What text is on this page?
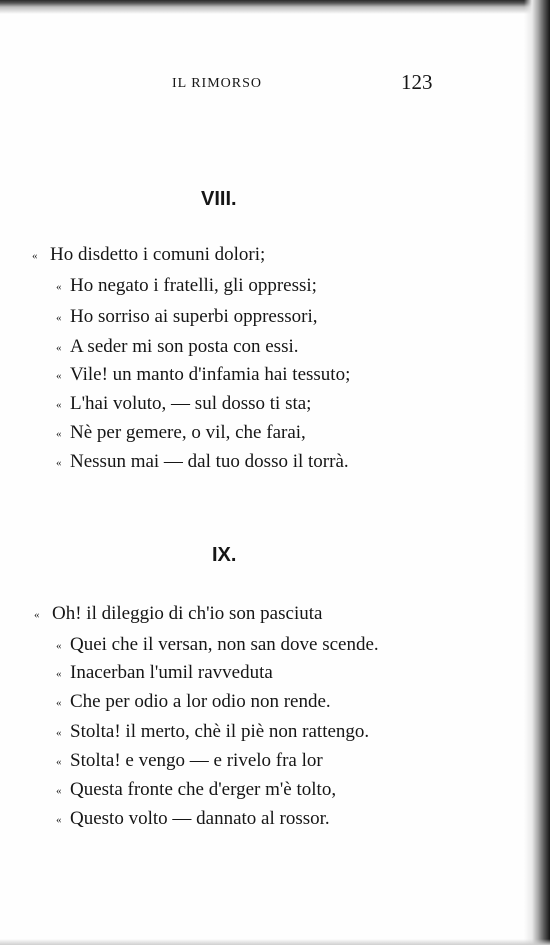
IL RIMORSO	123
VIII.
« Ho disdetto i comuni dolori;
« Ho negato i fratelli, gli oppressi;
« Ho sorriso ai superbi oppressori,
« A seder mi son posta con essi.
« Vile! un manto d'infamia hai tessuto;
« L'hai voluto, — sul dosso ti sta;
« Nè per gemere, o vil, che farai,
« Nessun mai — dal tuo dosso il torrà.
IX.
« Oh! il dileggio di ch'io son pasciuta
« Quei che il versan, non san dove scende.
« Inacerban l'umil ravveduta
« Che per odio a lor odio non rende.
« Stolta! il merto, chè il piè non rattengo.
« Stolta! e vengo — e rivelo fra lor
« Questa fronte che d'erger m'è tolto,
« Questo volto — dannato al rossor.
